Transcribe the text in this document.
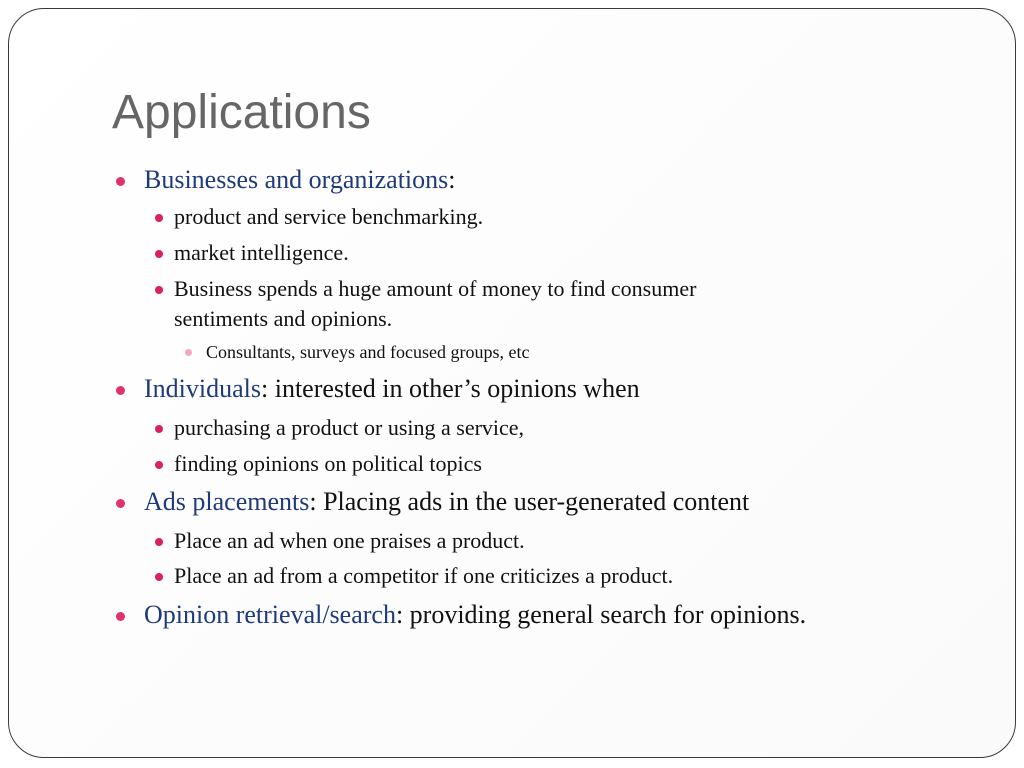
Applications
Businesses and organizations:
product and service benchmarking.
market intelligence.
Business spends a huge amount of money to find consumer
sentiments and opinions.
Consultants, surveys and focused groups, etc
Individuals: interested in other’s opinions when
purchasing a product or using a service,
finding opinions on political topics
Ads placements: Placing ads in the user-generated content
Place an ad when one praises a product.
Place an ad from a competitor if one criticizes a product.
Opinion retrieval/search: providing general search for opinions.
